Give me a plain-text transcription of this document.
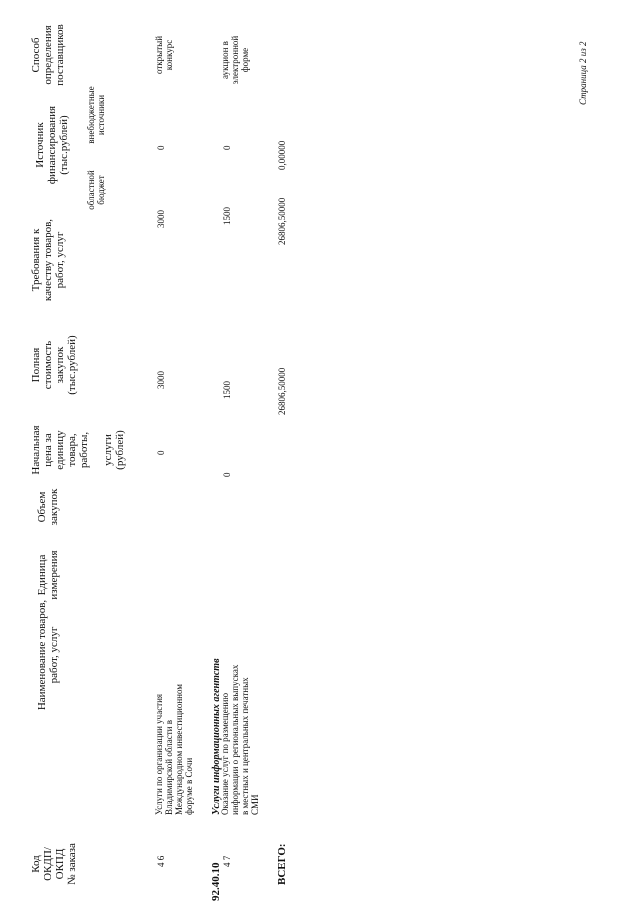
Код ОКДП/ ОКПД № заказа
Наименование товаров, работ, услуг
Единица измерения
Объем закупок
Начальная цена за единицу товара, работы, услуги (рублей)
Полная стоимость закупок (тыс.рублей)
Требования к качеству товаров, работ, услуг
Источник финансирования (тыс.рублей)
областной бюджет
внебюджетные источники
Способ определения поставщиков
4 6
Услуги по организации участия Владимирской области в Международном инвестиционном форуме в Сочи
0
3000
3000
0
открытый конкурс
92.40.10
Услуги информационных агентств
4 7
Оказание услуг по размещению информации о региональных выпусках в местных и центральных печатных СМИ
0
1500
1500
0
аукцион в электронной форме
ВСЕГО:
26806,50000
26806,50000
0,00000
Страница 2 из 2
